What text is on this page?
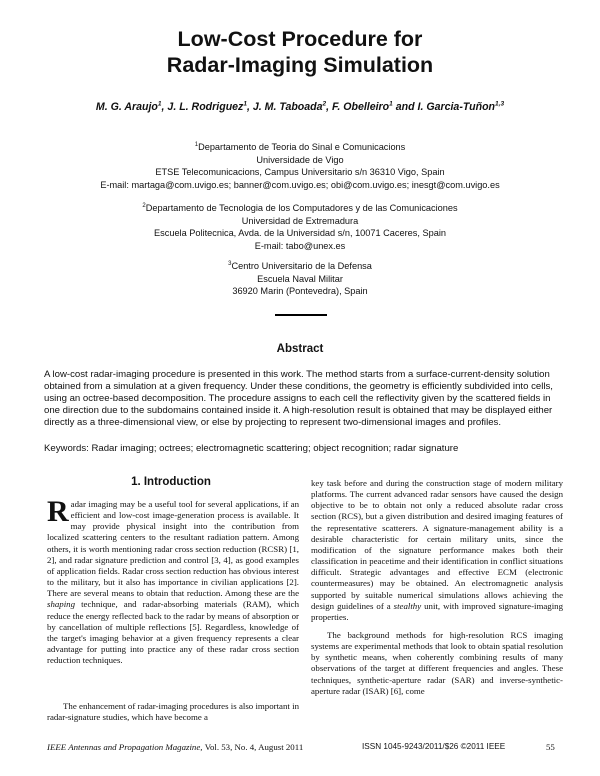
Low-Cost Procedure for
Radar-Imaging Simulation
M. G. Araujo$^1$, J. L. Rodriguez$^1$, J. M. Taboada$^2$, F. Obelleiro$^1$ and I. Garcia-Tuñon$^{1,3}$
$^1$Departamento de Teoria do Sinal e Comunicacions
Universidade de Vigo
ETSE Telecomunicacions, Campus Universitario s/n 36310 Vigo, Spain
E-mail: martaga@com.uvigo.es; banner@com.uvigo.es; obi@com.uvigo.es; inesgt@com.uvigo.es
$^2$Departamento de Tecnologia de los Computadores y de las Comunicaciones
Universidad de Extremadura
Escuela Politecnica, Avda. de la Universidad s/n, 10071 Caceres, Spain
E-mail: tabo@unex.es
$^3$Centro Universitario de la Defensa
Escuela Naval Militar
36920 Marin (Pontevedra), Spain
Abstract
A low-cost radar-imaging procedure is presented in this work. The method starts from a surface-current-density solution obtained from a simulation at a given frequency. Under these conditions, the geometry is efficiently subdivided into cells, using an octree-based decomposition. The procedure assigns to each cell the reflectivity given by the scattered fields in one direction due to the subdomains contained inside it. A high-resolution result is obtained that may be displayed either directly as a three-dimensional view, or else by projecting to represent two-dimensional images and profiles.
Keywords: Radar imaging; octrees; electromagnetic scattering; object recognition; radar signature
1. Introduction
Radar imaging may be a useful tool for several applications, if an efficient and low-cost image-generation process is available. It may provide physical insight into the contribution from localized scattering centers to the resultant radiation pattern. Among others, it is worth mentioning radar cross section reduction (RCSR) [1, 2], and radar signature prediction and control [3, 4], as good examples of application fields. Radar cross section reduction has obvious interest to the military, but it also has importance in civilian applications [2]. There are several means to obtain that reduction. Among these are the shaping technique, and radar-absorbing materials (RAM), which reduce the energy reflected back to the radar by means of absorption or by cancellation of multiple reflections [5]. Regardless, knowledge of the target's imaging behavior at a given frequency represents a clear advantage for putting into practice any of these radar cross section reduction techniques.
The enhancement of radar-imaging procedures is also important in radar-signature studies, which have become a
key task before and during the construction stage of modern military platforms. The current advanced radar sensors have caused the design objective to be to obtain not only a reduced absolute radar cross section (RCS), but a given distribution and desired imaging features of the representative scatterers. A signature-management ability is a desirable characteristic for certain military units, since the modification of the signature performance makes both their classification in peacetime and their identification in conflict situations difficult. Strategic advantages and effective ECM (electronic countermeasures) may be obtained. An electromagnetic analysis supported by suitable numerical simulations allows achieving the design guidelines of a stealthy unit, with improved signature-imaging properties.
The background methods for high-resolution RCS imaging systems are experimental methods that look to obtain spatial resolution by synthetic means, when coherently combining results of many observations of the target at different frequencies and angles. These techniques, synthetic-aperture radar (SAR) and inverse-synthetic-aperture radar (ISAR) [6], come
IEEE Antennas and Propagation Magazine, Vol. 53, No. 4, August 2011	ISSN 1045-9243/2011/$26 ©2011 IEEE	55
